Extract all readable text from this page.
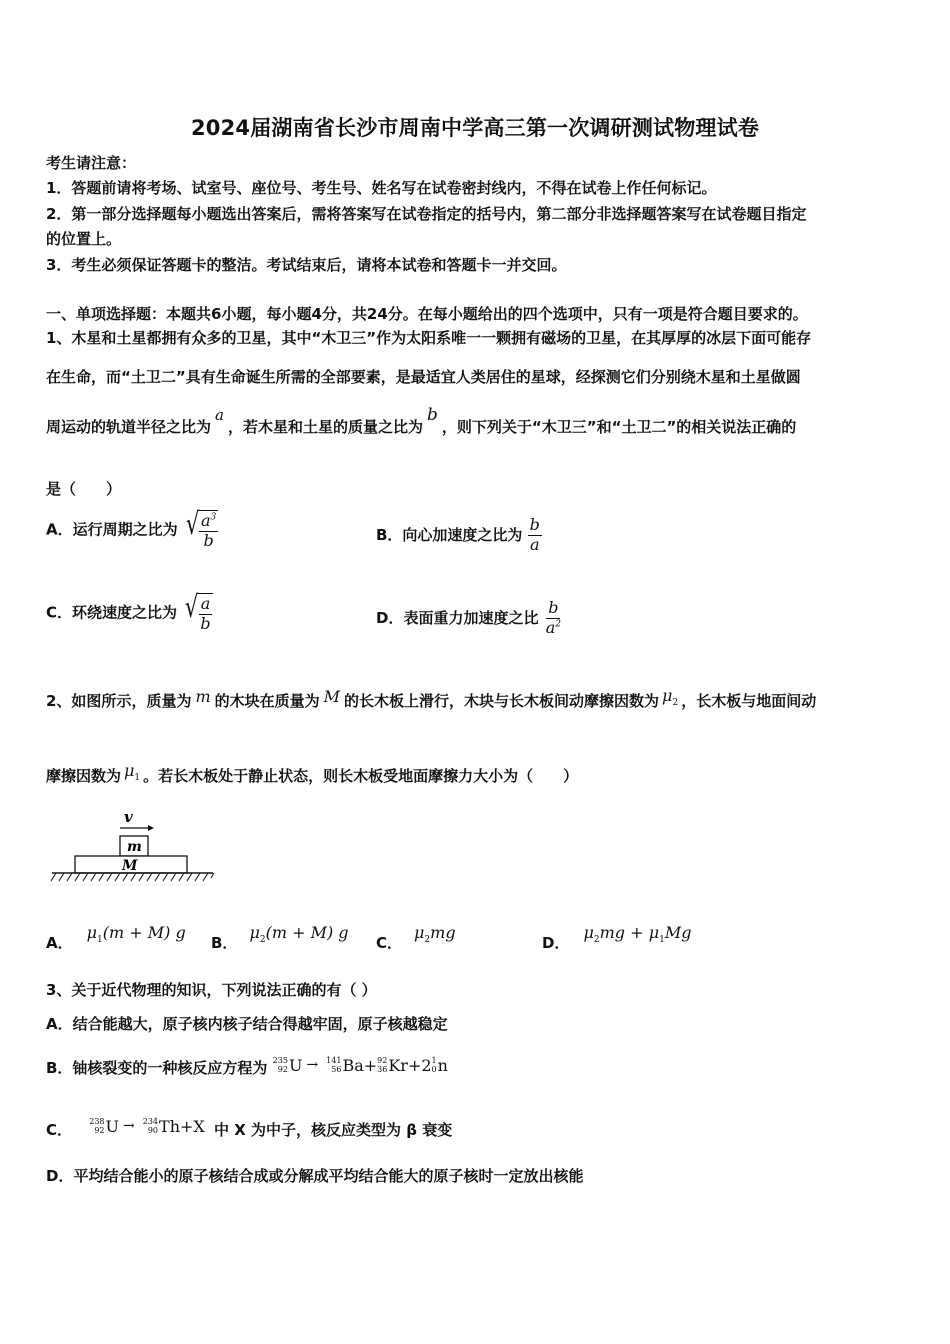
2024届湖南省长沙市周南中学高三第一次调研测试物理试卷
考生请注意：
1．答题前请将考场、试室号、座位号、考生号、姓名写在试卷密封线内，不得在试卷上作任何标记。
2．第一部分选择题每小题选出答案后，需将答案写在试卷指定的括号内，第二部分非选择题答案写在试卷题目指定
的位置上。
3．考生必须保证答题卡的整洁。考试结束后，请将本试卷和答题卡一并交回。
一、单项选择题：本题共6小题，每小题4分，共24分。在每小题给出的四个选项中，只有一项是符合题目要求的。
1、木星和土星都拥有众多的卫星，其中“木卫三”作为太阳系唯一一颗拥有磁场的卫星，在其厚厚的冰层下面可能存
在生命，而“土卫二”具有生命诞生所需的全部要素，是最适宜人类居住的星球，经探测它们分别绕木星和土星做圆
周运动的轨道半径之比为a，若木星和土星的质量之比为b，则下列关于“木卫三”和“土卫二”的相关说法正确的
是（　　）
A．运行周期之比为 √ $\frac{a^3}{b}$	B．向心加速度之比为 $\frac{b}{a}$
C．环绕速度之比为 √ $\frac{a}{b}$	D．表面重力加速度之比 $\frac{b}{a^2}$
2、如图所示，质量为 m 的木块在质量为 M 的长木板上滑行，木块与长木板间动摩擦因数为 $\mu_2$ ，长木板与地面间动
摩擦因数为 $\mu_1$ 。若长木板处于静止状态，则长木板受地面摩擦力大小为（　　）
v
m
M
A．$\mu_1(m + M)$ g
B．$\mu_2(m + M)$ g
C．$\mu_2mg$
D．$\mu_2mg + \mu_1Mg$
3、关于近代物理的知识，下列说法正确的有（ ）
A．结合能越大，原子核内核子结合得越牢固，原子核越稳定
B．铀核裂变的一种核反应方程为 235
92 U → 141
56 Ba+ 92
36 Kr+2 1
0 n
C． 238
92 U → 234
90 Th+X 中 X 为中子，核反应类型为 β 衰变
D．平均结合能小的原子核结合成或分解成平均结合能大的原子核时一定放出核能
